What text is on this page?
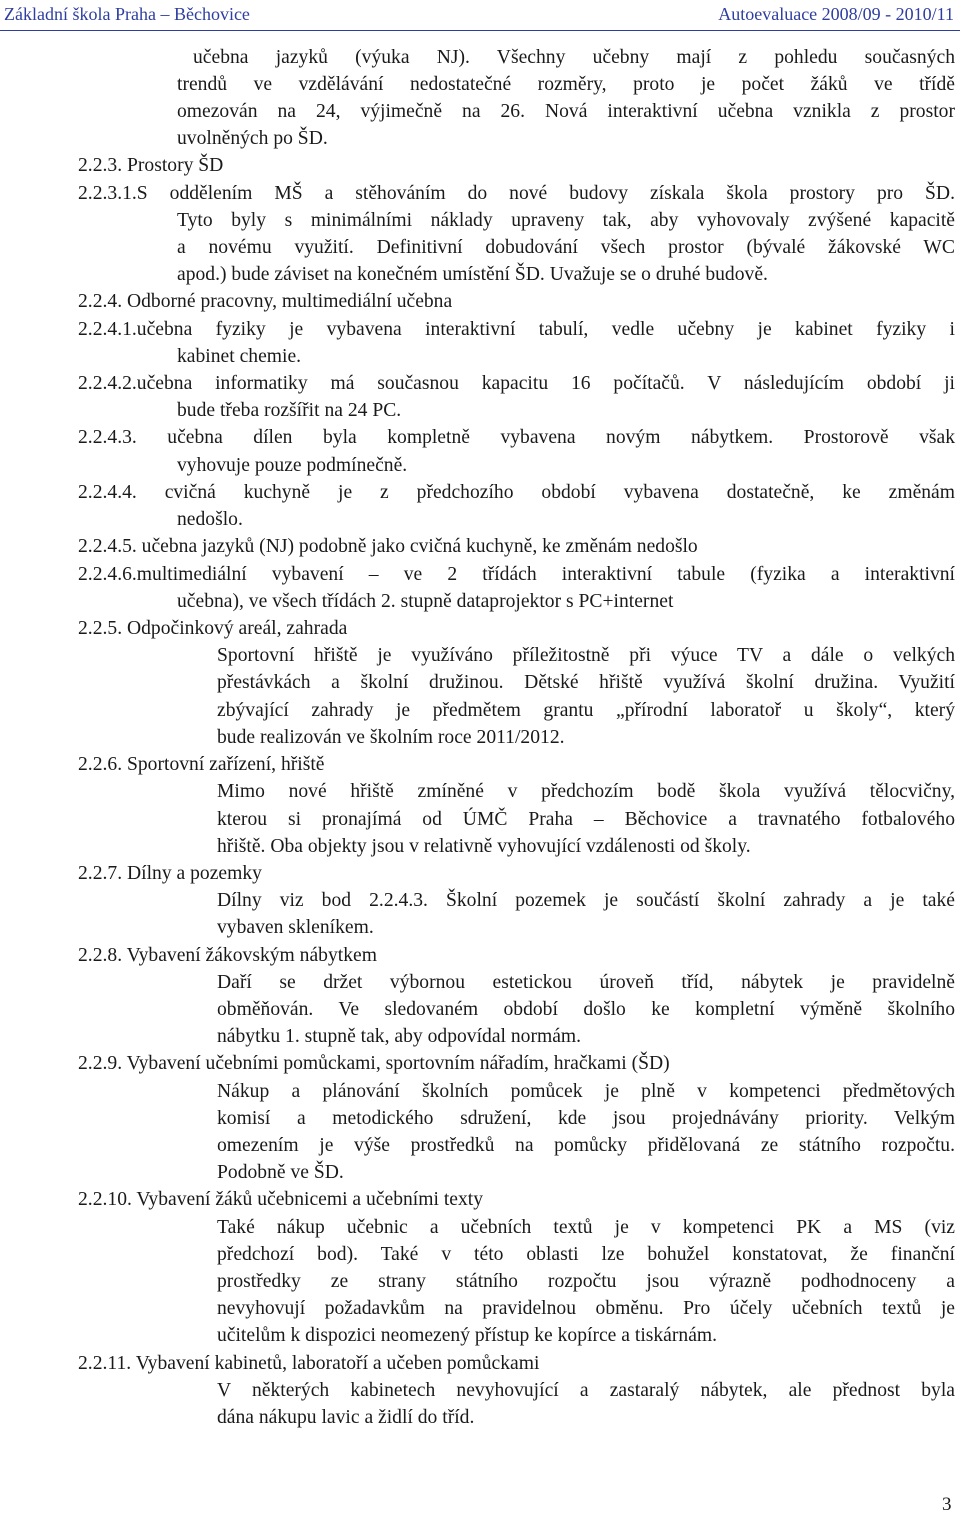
Základní škola Praha – Běchovice	Autoevaluace 2008/09 - 2010/11
učebna jazyků (výuka NJ). Všechny učebny mají z pohledu současných
trendů ve vzdělávání nedostatečné rozměry, proto je počet žáků ve třídě
omezován na 24, výjimečně na 26. Nová interaktivní učebna vznikla z prostor
uvolněných po ŠD.
2.2.3. Prostory ŠD
2.2.3.1.S oddělením MŠ a stěhováním do nové budovy získala škola prostory pro ŠD.
Tyto byly s minimálními náklady upraveny tak, aby vyhovovaly zvýšené kapacitě
a novému využití. Definitivní dobudování všech prostor (bývalé žákovské WC
apod.) bude záviset na konečném umístění ŠD. Uvažuje se o druhé budově.
2.2.4. Odborné pracovny, multimediální učebna
2.2.4.1.učebna fyziky je vybavena interaktivní tabulí, vedle učebny je kabinet fyziky i
kabinet chemie.
2.2.4.2.učebna informatiky má současnou kapacitu 16 počítačů. V následujícím období ji
bude třeba rozšířit na 24 PC.
2.2.4.3. učebna dílen byla kompletně vybavena novým nábytkem. Prostorově však
vyhovuje pouze podmínečně.
2.2.4.4. cvičná kuchyně je z předchozího období vybavena dostatečně, ke změnám
nedošlo.
2.2.4.5. učebna jazyků (NJ) podobně jako cvičná kuchyně, ke změnám nedošlo
2.2.4.6.multimediální vybavení – ve 2 třídách interaktivní tabule (fyzika a interaktivní
učebna), ve všech třídách 2. stupně dataprojektor s PC+internet
2.2.5. Odpočinkový areál, zahrada
Sportovní hřiště je využíváno příležitostně při výuce TV a dále o velkých
přestávkách a školní družinou. Dětské hřiště využívá školní družina. Využití
zbývající zahrady je předmětem grantu „přírodní laboratoř u školy“, který
bude realizován ve školním roce 2011/2012.
2.2.6. Sportovní zařízení, hřiště
Mimo nové hřiště zmíněné v předchozím bodě škola využívá tělocvičny,
kterou si pronajímá od ÚMČ Praha – Běchovice a travnatého fotbalového
hřiště. Oba objekty jsou v relativně vyhovující vzdálenosti od školy.
2.2.7. Dílny a pozemky
Dílny viz bod 2.2.4.3. Školní pozemek je součástí školní zahrady a je také
vybaven skleníkem.
2.2.8. Vybavení žákovským nábytkem
Daří se držet výbornou estetickou úroveň tříd, nábytek je pravidelně
obměňován. Ve sledovaném období došlo ke kompletní výměně školního
nábytku 1. stupně tak, aby odpovídal normám.
2.2.9. Vybavení učebními pomůckami, sportovním nářadím, hračkami (ŠD)
Nákup a plánování školních pomůcek je plně v kompetenci předmětových
komisí a metodického sdružení, kde jsou projednávány priority. Velkým
omezením je výše prostředků na pomůcky přidělovaná ze státního rozpočtu.
Podobně ve ŠD.
2.2.10. Vybavení žáků učebnicemi a učebními texty
Také nákup učebnic a učebních textů je v kompetenci PK a MS (viz
předchozí bod). Také v této oblasti lze bohužel konstatovat, že finanční
prostředky ze strany státního rozpočtu jsou výrazně podhodnoceny a
nevyhovují požadavkům na pravidelnou obměnu. Pro účely učebních textů je
učitelům k dispozici neomezený přístup ke kopírce a tiskárnám.
2.2.11. Vybavení kabinetů, laboratoří a učeben pomůckami
V některých kabinetech nevyhovující a zastaralý nábytek, ale přednost byla
dána nákupu lavic a židlí do tříd.
3
